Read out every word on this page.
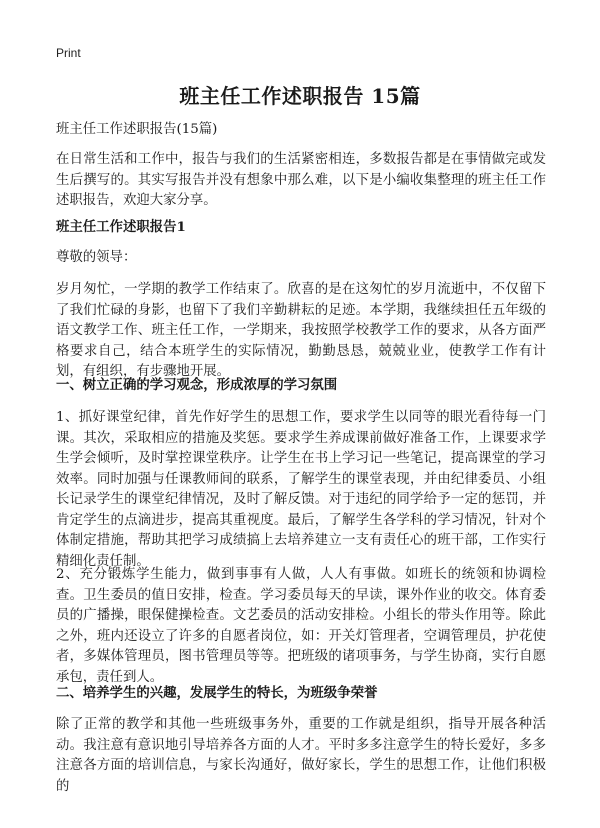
Print
班主任工作述职报告 15篇

班主任工作述职报告(15篇)

在日常生活和工作中，报告与我们的生活紧密相连，多数报告都是在事情做完或发生后撰写的。其实写报告并没有想象中那么难，以下是小编收集整理的班主任工作述职报告，欢迎大家分享。

班主任工作述职报告1

尊敬的领导：

岁月匆忙，一学期的教学工作结束了。欣喜的是在这匆忙的岁月流逝中，不仅留下了我们忙碌的身影，也留下了我们辛勤耕耘的足迹。本学期，我继续担任五年级的语文教学工作、班主任工作，一学期来，我按照学校教学工作的要求，从各方面严格要求自己，结合本班学生的实际情况，勤勤恳恳，兢兢业业，使教学工作有计划，有组织，有步骤地开展。

一、树立正确的学习观念，形成浓厚的学习氛围

1、抓好课堂纪律，首先作好学生的思想工作，要求学生以同等的眼光看待每一门课。其次，采取相应的措施及奖惩。要求学生养成课前做好准备工作，上课要求学生学会倾听，及时掌控课堂秩序。让学生在书上学习记一些笔记，提高课堂的学习效率。同时加强与任课教师间的联系，了解学生的课堂表现，并由纪律委员、小组长记录学生的课堂纪律情况，及时了解反馈。对于违纪的同学给予一定的惩罚，并肯定学生的点滴进步，提高其重视度。最后，了解学生各学科的学习情况，针对个体制定措施，帮助其把学习成绩搞上去培养建立一支有责任心的班干部，工作实行精细化责任制。

2、充分锻炼学生能力，做到事事有人做，人人有事做。如班长的统领和协调检查。卫生委员的值日安排，检查。学习委员每天的早读，课外作业的收交。体育委员的广播操，眼保健操检查。文艺委员的活动安排检。小组长的带头作用等。除此之外，班内还设立了许多的自愿者岗位，如：开关灯管理者，空调管理员，护花使者，多媒体管理员，图书管理员等等。把班级的诸项事务，与学生协商，实行自愿承包，责任到人。

二、培养学生的兴趣，发展学生的特长，为班级争荣誉

除了正常的教学和其他一些班级事务外，重要的工作就是组织，指导开展各种活动。我注意有意识地引导培养各方面的人才。平时多多注意学生的特长爱好，多多注意各方面的培训信息，与家长沟通好，做好家长，学生的思想工作，让他们积极的
